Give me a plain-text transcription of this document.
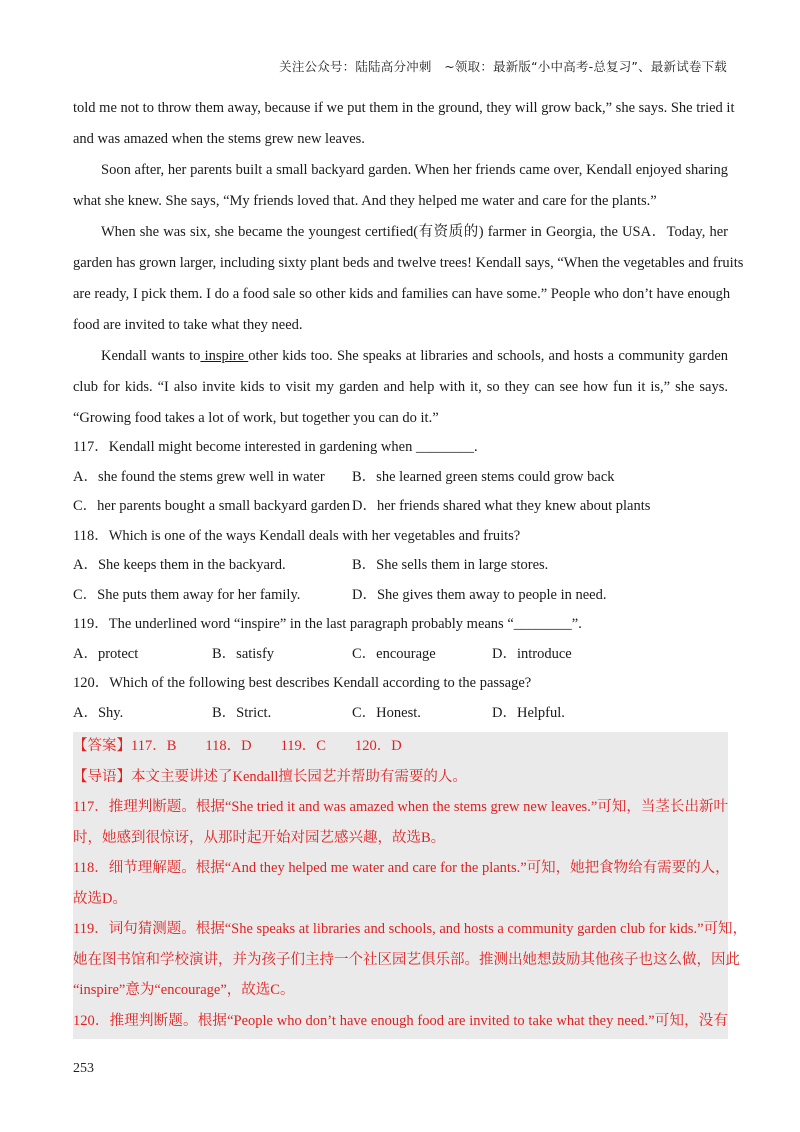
关注公众号：陆陆高分冲刺　~领取：最新版“小中高考-总复习”、最新试卷下载
told me not to throw them away, because if we put them in the ground, they will grow back,” she says. She tried it
and was amazed when the stems grew new leaves.
Soon after, her parents built a small backyard garden. When her friends came over, Kendall enjoyed sharing
what she knew. She says, “My friends loved that. And they helped me water and care for the plants.”
When she was six, she became the youngest certified(有资质的) farmer in Georgia, the USA．Today, her
garden has grown larger, including sixty plant beds and twelve trees! Kendall says, “When the vegetables and fruits
are ready, I pick them. I do a food sale so other kids and families can have some.” People who don’t have enough
food are invited to take what they need.
Kendall wants to inspire other kids too. She speaks at libraries and schools, and hosts a community garden
club for kids. “I also invite kids to visit my garden and help with it, so they can see how fun it is,” she says.
“Growing food takes a lot of work, but together you can do it.”
117．Kendall might become interested in gardening when ________.
A．she found the stems grew well in water	B．she learned green stems could grow back
C．her parents bought a small backyard garden D．her friends shared what they knew about plants
118．Which is one of the ways Kendall deals with her vegetables and fruits?
A．She keeps them in the backyard.	B．She sells them in large stores.
C．She puts them away for her family.	D．She gives them away to people in need.
119．The underlined word “inspire” in the last paragraph probably means “________”.
A．protect	B．satisfy	C．encourage	D．introduce
120．Which of the following best describes Kendall according to the passage?
A．Shy.	B．Strict.	C．Honest.	D．Helpful.
【答案】117．B　　118．D　　119．C　　120．D
【导语】本文主要讲述了Kendall擅长园艺并帮助有需要的人。
117．推理判断题。根据“She tried it and was amazed when the stems grew new leaves.”可知，当茎长出新叶
时，她感到很惊讶，从那时起开始对园艺感兴趣，故选B。
118．细节理解题。根据“And they helped me water and care for the plants.”可知，她把食物给有需要的人，
故选D。
119．词句猜测题。根据“She speaks at libraries and schools, and hosts a community garden club for kids.”可知，
她在图书馆和学校演讲，并为孩子们主持一个社区园艺俱乐部。推测出她想鼓励其他孩子也这么做，因此
“inspire”意为“encourage”，故选C。
120．推理判断题。根据“People who don’t have enough food are invited to take what they need.”可知，没有
253
